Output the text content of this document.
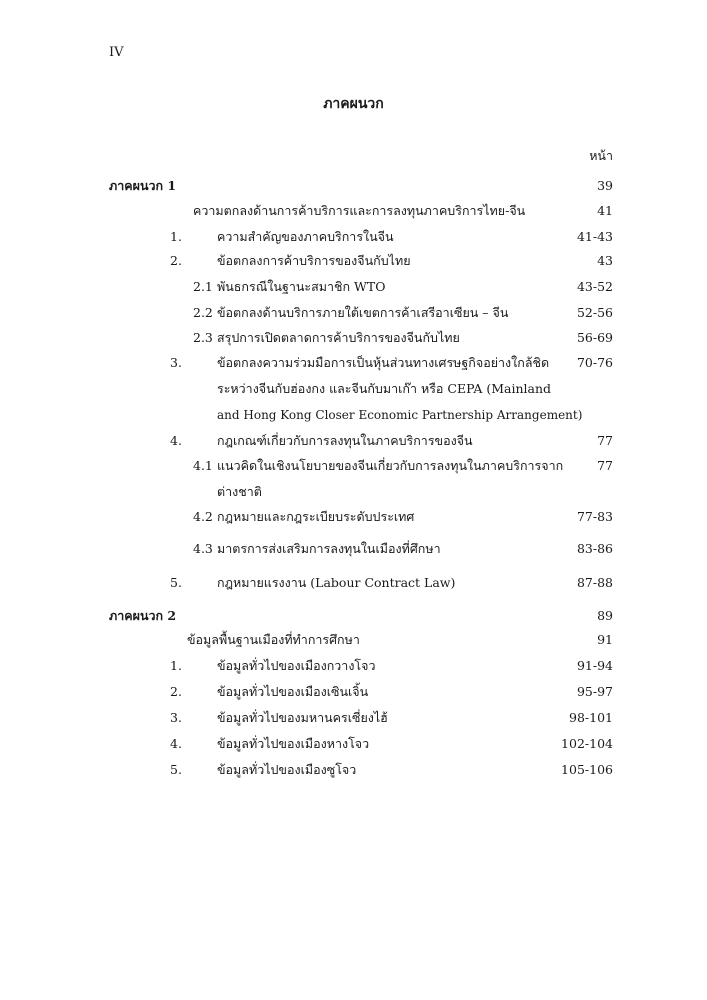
IV
ภาคผนวก
หน้า
ภาคผนวก 1	39
ความตกลงด้านการค้าบริการและการลงทุนภาคบริการไทย-จีน	41
1.	ความสำคัญของภาคบริการในจีน	41-43
2.	ข้อตกลงการค้าบริการของจีนกับไทย	43
2.1 พันธกรณีในฐานะสมาชิก WTO	43-52
2.2 ข้อตกลงด้านบริการภายใต้เขตการค้าเสรีอาเซียน – จีน	52-56
2.3 สรุปการเปิดตลาดการค้าบริการของจีนกับไทย	56-69
3.	ข้อตกลงความร่วมมือการเป็นหุ้นส่วนทางเศรษฐกิจอย่างใกล้ชิด 70-76
ระหว่างจีนกับฮ่องกง และจีนกับมาเก๊า หรือ CEPA (Mainland
and Hong Kong Closer Economic Partnership Arrangement)
4.	กฎเกณฑ์เกี่ยวกับการลงทุนในภาคบริการของจีน	77
4.1 แนวคิดในเชิงนโยบายของจีนเกี่ยวกับการลงทุนในภาคบริการจาก	77
ต่างชาติ
4.2 กฎหมายและกฎระเบียบระดับประเทศ	77-83
4.3 มาตรการส่งเสริมการลงทุนในเมืองที่ศึกษา	83-86
5.	กฎหมายแรงงาน (Labour Contract Law)	87-88
ภาคผนวก 2	89
ข้อมูลพื้นฐานเมืองที่ทำการศึกษา	91
1.	ข้อมูลทั่วไปของเมืองกวางโจว	91-94
2.	ข้อมูลทั่วไปของเมืองเซินเจิ้น	95-97
3.	ข้อมูลทั่วไปของมหานครเซี่ยงไฮ้	98-101
4.	ข้อมูลทั่วไปของเมืองหางโจว	102-104
5.	ข้อมูลทั่วไปของเมืองซูโจว	105-106
